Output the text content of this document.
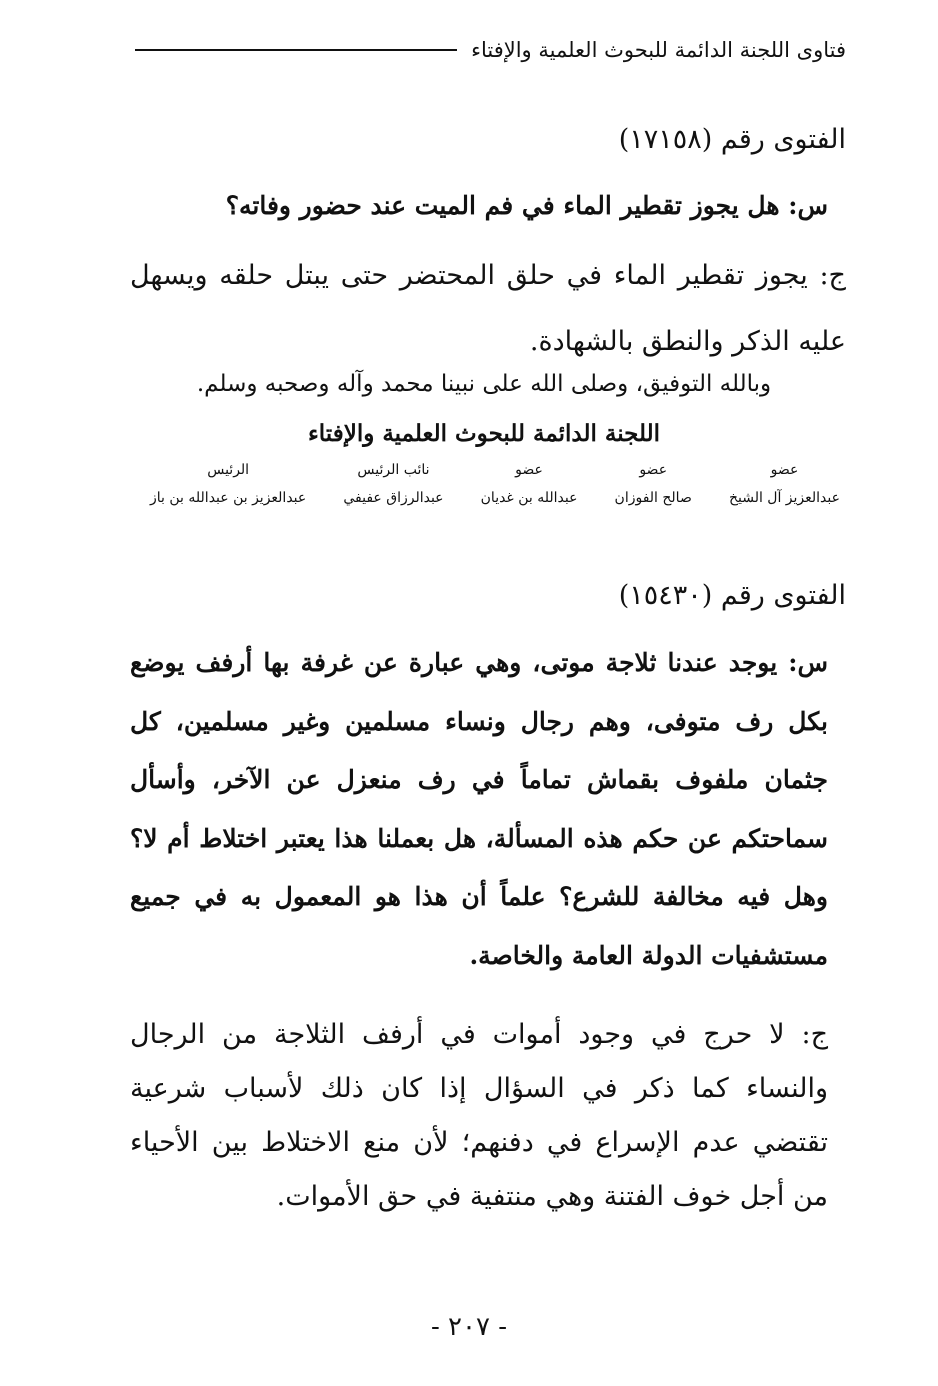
فتاوى اللجنة الدائمة للبحوث العلمية والإفتاء
الفتوى رقم (١٧١٥٨)
س: هل يجوز تقطير الماء في فم الميت عند حضور وفاته؟
ج: يجوز تقطير الماء في حلق المحتضر حتى يبتل حلقه ويسهل عليه الذكر والنطق بالشهادة.
وبالله التوفيق، وصلى الله على نبينا محمد وآله وصحبه وسلم.
اللجنة الدائمة للبحوث العلمية والإفتاء
عضو
عبدالعزيز آل الشيخ
عضو
صالح الفوزان
عضو
عبدالله بن غديان
نائب الرئيس
عبدالرزاق عفيفي
الرئيس
عبدالعزيز بن عبدالله بن باز
الفتوى رقم (١٥٤٣٠)
س: يوجد عندنا ثلاجة موتى، وهي عبارة عن غرفة بها أرفف يوضع بكل رف متوفى، وهم رجال ونساء مسلمين وغير مسلمين، كل جثمان ملفوف بقماش تماماً في رف منعزل عن الآخر، وأسأل سماحتكم عن حكم هذه المسألة، هل بعملنا هذا يعتبر اختلاط أم لا؟ وهل فيه مخالفة للشرع؟ علماً أن هذا هو المعمول به في جميع مستشفيات الدولة العامة والخاصة.
ج: لا حرج في وجود أموات في أرفف الثلاجة من الرجال والنساء كما ذكر في السؤال إذا كان ذلك لأسباب شرعية تقتضي عدم الإسراع في دفنهم؛ لأن منع الاختلاط بين الأحياء من أجل خوف الفتنة وهي منتفية في حق الأموات.
- ٢٠٧ -
